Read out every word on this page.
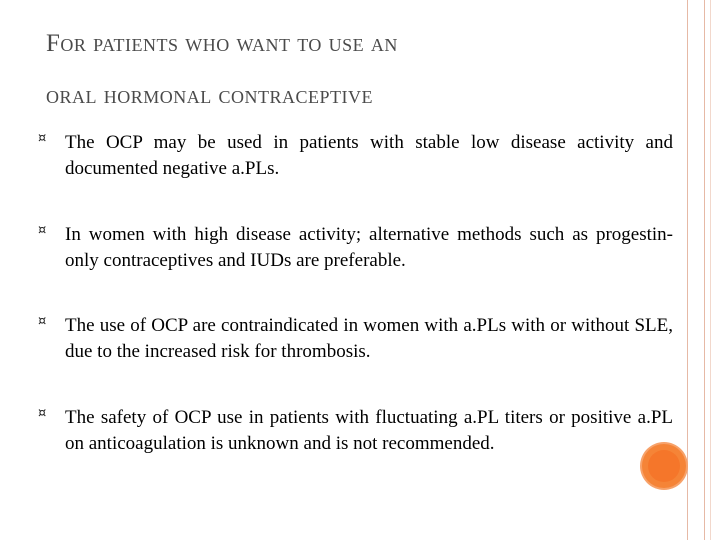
For patients who want to use an
oral hormonal contraceptive
¤ The OCP may be used in patients with stable low disease activity and documented negative a.PLs.
¤ In women with high disease activity; alternative methods such as progestin-only contraceptives and IUDs are preferable.
¤ The use of OCP are contraindicated in women with a.PLs with or without SLE, due to the increased risk for thrombosis.
¤ The safety of OCP use in patients with fluctuating a.PL titers or positive a.PL on anticoagulation is unknown and is not recommended.
